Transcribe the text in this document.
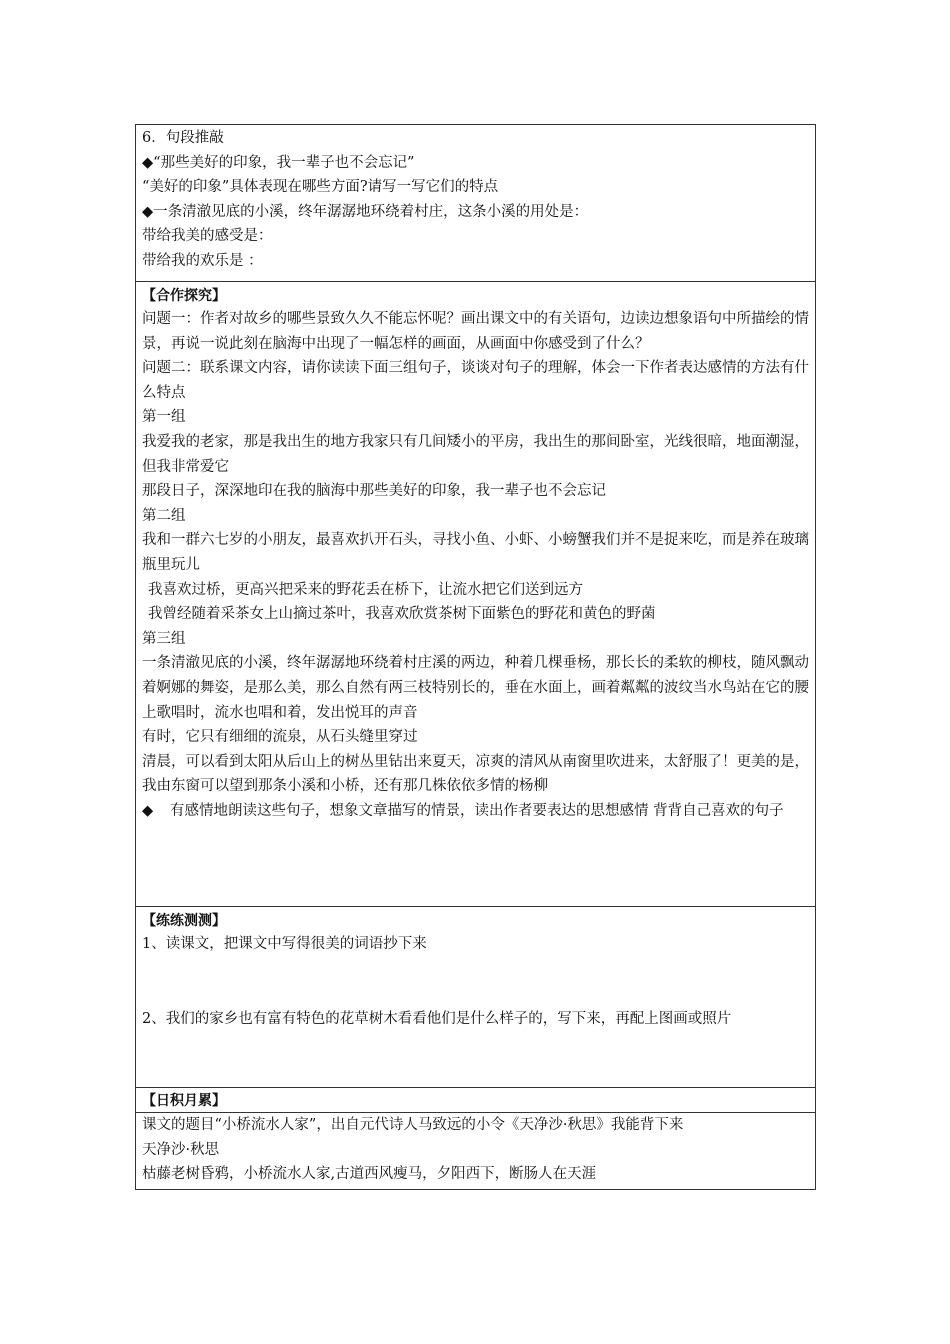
6．句段推敲
◆“那些美好的印象，我一辈子也不会忘记”
“美好的印象”具体表现在哪些方面?请写一写它们的特点
◆一条清澈见底的小溪，终年潺潺地环绕着村庄，这条小溪的用处是：
带给我美的感受是：
带给我的欢乐是 ：
【合作探究】
问题一：作者对故乡的哪些景致久久不能忘怀呢？画出课文中的有关语句，边读边想象语句中所描绘的情景，再说一说此刻在脑海中出现了一幅怎样的画面，从画面中你感受到了什么？
问题二：联系课文内容，请你读读下面三组句子，谈谈对句子的理解，体会一下作者表达感情的方法有什么特点
第一组
我爱我的老家，那是我出生的地方我家只有几间矮小的平房，我出生的那间卧室，光线很暗，地面潮湿，但我非常爱它
那段日子，深深地印在我的脑海中那些美好的印象，我一辈子也不会忘记
第二组
我和一群六七岁的小朋友，最喜欢扒开石头，寻找小鱼、小虾、小螃蟹我们并不是捉来吃，而是养在玻璃瓶里玩儿
我喜欢过桥，更高兴把采来的野花丢在桥下，让流水把它们送到远方
我曾经随着采茶女上山摘过茶叶，我喜欢欣赏茶树下面紫色的野花和黄色的野菌
第三组
一条清澈见底的小溪，终年潺潺地环绕着村庄溪的两边，种着几棵垂杨，那长长的柔软的柳枝，随风飘动着婀娜的舞姿，是那么美，那么自然有两三枝特别长的，垂在水面上，画着粼粼的波纹当水鸟站在它的腰上歌唱时，流水也唱和着，发出悦耳的声音
有时，它只有细细的流泉，从石头缝里穿过
清晨，可以看到太阳从后山上的树丛里钻出来夏天，凉爽的清风从南窗里吹进来，太舒服了！更美的是，我由东窗可以望到那条小溪和小桥，还有那几株依依多情的杨柳
◆	有感情地朗读这些句子，想象文章描写的情景，读出作者要表达的思想感情 背背自己喜欢的句子
【练练测测】
1、读课文，把课文中写得很美的词语抄下来
2、我们的家乡也有富有特色的花草树木看看他们是什么样子的，写下来，再配上图画或照片
【日积月累】
课文的题目“小桥流水人家”，出自元代诗人马致远的小令《天净沙·秋思》我能背下来
天净沙·秋思
枯藤老树昏鸦，小桥流水人家,古道西风瘦马，夕阳西下，断肠人在天涯
